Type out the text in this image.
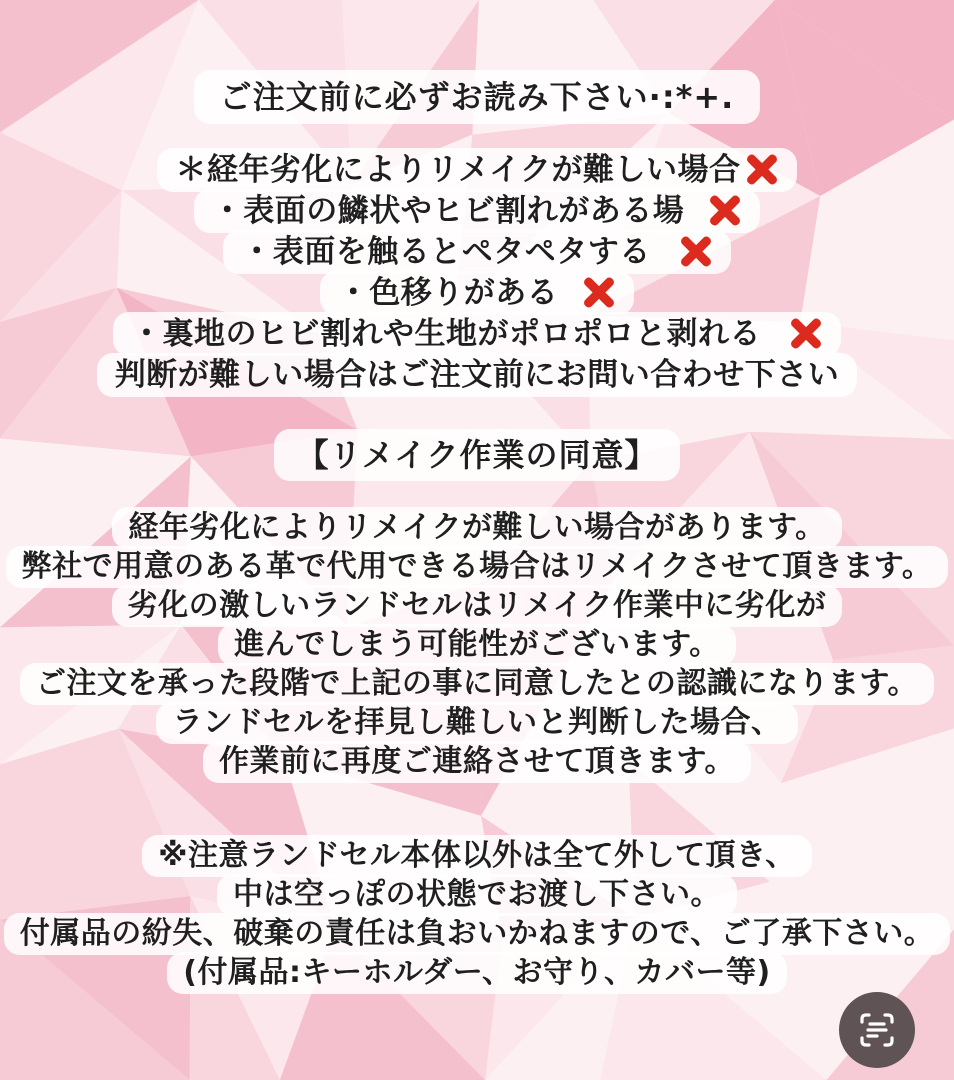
ご注文前に必ずお読み下さい·:*+.
＊経年劣化によりリメイクが難しい場合
・表面の鱗状やヒビ割れがある場
・表面を触るとペタペタする
・色移りがある
・裏地のヒビ割れや生地がポロポロと剥れる
判断が難しい場合はご注文前にお問い合わせ下さい
【リメイク作業の同意】
経年劣化によりリメイクが難しい場合があります。
弊社で用意のある革で代用できる場合はリメイクさせて頂きます。
劣化の激しいランドセルはリメイク作業中に劣化が
進んでしまう可能性がございます。
ご注文を承った段階で上記の事に同意したとの認識になります。
ランドセルを拝見し難しいと判断した場合、
作業前に再度ご連絡させて頂きます。
※注意ランドセル本体以外は全て外して頂き、
中は空っぽの状態でお渡し下さい。
付属品の紛失、破棄の責任は負おいかねますので、ご了承下さい。
(付属品:キーホルダー、お守り、カバー等)
